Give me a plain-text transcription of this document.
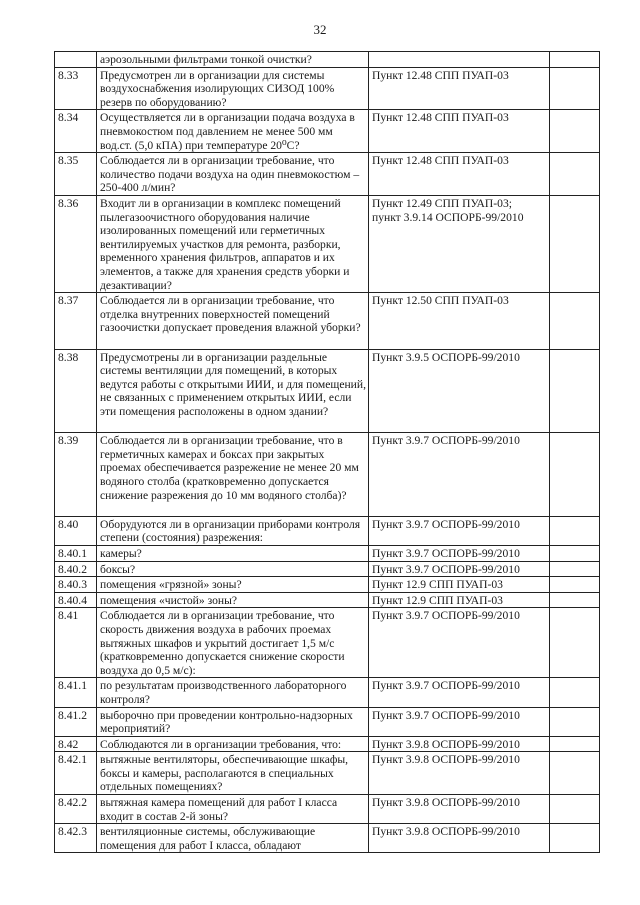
32
	аэрозольными фильтрами тонкой очистки?		
8.33	Предусмотрен ли в организации для системы воздухоснабжения изолирующих СИЗОД 100% резерв по оборудованию?	Пункт 12.48 СПП ПУАП-03	
8.34	Осуществляется ли в организации подача воздуха в пневмокостюм под давлением не менее 500 мм вод.ст. (5,0 кПА) при температуре 20⁰С?	Пункт 12.48 СПП ПУАП-03	
8.35	Соблюдается ли в организации требование, что количество подачи воздуха на один пневмокостюм – 250-400 л/мин?	Пункт 12.48 СПП ПУАП-03	
8.36	Входит ли в организации в комплекс помещений пылегазоочистного оборудования наличие изолированных помещений или герметичных вентилируемых участков для ремонта, разборки, временного хранения фильтров, аппаратов и их элементов, а также для хранения средств уборки и дезактивации?	Пункт 12.49 СПП ПУАП-03;
пункт 3.9.14 ОСПОРБ-99/2010	
8.37	Соблюдается ли в организации требование, что отделка внутренних поверхностей помещений газоочистки допускает проведения влажной уборки?	Пункт 12.50 СПП ПУАП-03	
8.38	Предусмотрены ли в организации раздельные системы вентиляции для помещений, в которых ведутся работы с открытыми ИИИ, и для помещений, не связанных с применением открытых ИИИ, если эти помещения расположены в одном здании?	Пункт 3.9.5 ОСПОРБ-99/2010	
8.39	Соблюдается ли в организации требование, что в герметичных камерах и боксах при закрытых проемах обеспечивается разрежение не менее 20 мм водяного столба (кратковременно допускается снижение разрежения до 10 мм водяного столба)?	Пункт 3.9.7 ОСПОРБ-99/2010	
8.40	Оборудуются ли в организации приборами контроля степени (состояния) разрежения:	Пункт 3.9.7 ОСПОРБ-99/2010	
8.40.1	камеры?	Пункт 3.9.7 ОСПОРБ-99/2010	
8.40.2	боксы?	Пункт 3.9.7 ОСПОРБ-99/2010	
8.40.3	помещения «грязной» зоны?	Пункт 12.9 СПП ПУАП-03	
8.40.4	помещения «чистой» зоны?	Пункт 12.9 СПП ПУАП-03	
8.41	Соблюдается ли в организации требование, что скорость движения воздуха в рабочих проемах вытяжных шкафов и укрытий достигает 1,5 м/с (кратковременно допускается снижение скорости воздуха до 0,5 м/с):	Пункт 3.9.7 ОСПОРБ-99/2010	
8.41.1	по результатам производственного лабораторного контроля?	Пункт 3.9.7 ОСПОРБ-99/2010	
8.41.2	выборочно при проведении контрольно-надзорных мероприятий?	Пункт 3.9.7 ОСПОРБ-99/2010	
8.42	Соблюдаются ли в организации требования, что:	Пункт 3.9.8 ОСПОРБ-99/2010	
8.42.1	вытяжные вентиляторы, обеспечивающие шкафы, боксы и камеры, располагаются в специальных отдельных помещениях?	Пункт 3.9.8 ОСПОРБ-99/2010	
8.42.2	вытяжная камера помещений для работ I класса входит в состав 2-й зоны?	Пункт 3.9.8 ОСПОРБ-99/2010	
8.42.3	вентиляционные системы, обслуживающие помещения для работ I класса, обладают	Пункт 3.9.8 ОСПОРБ-99/2010	
